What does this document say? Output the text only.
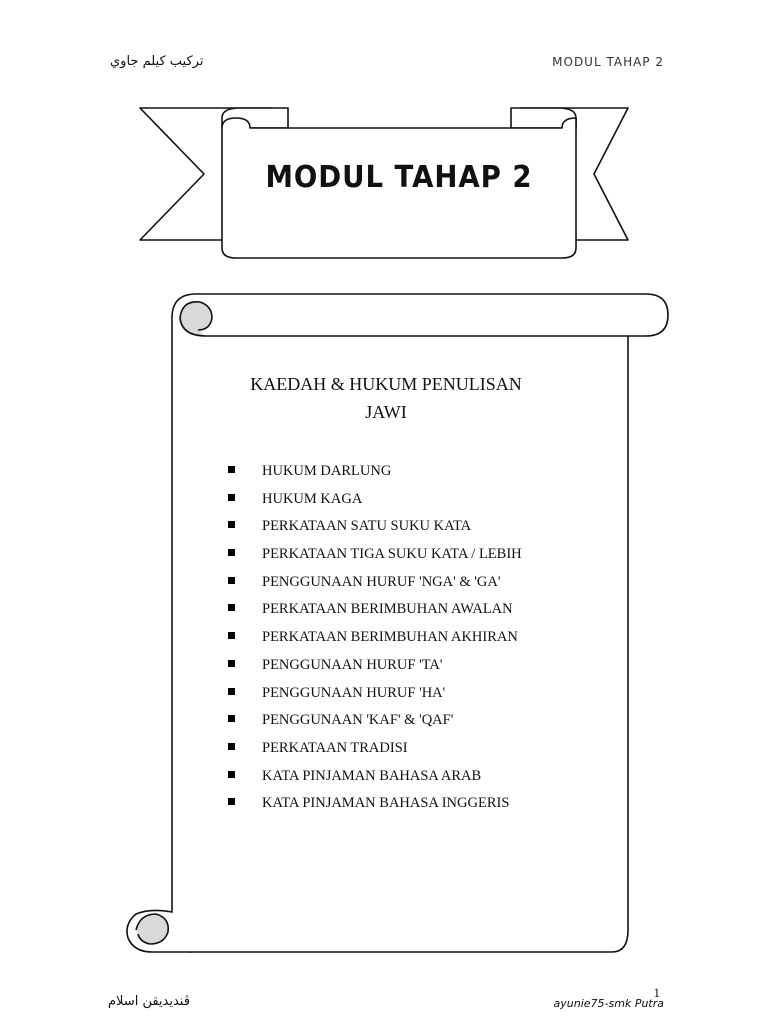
ترکيب كيلم جاوي	MODUL TAHAP 2
MODUL TAHAP 2
KAEDAH & HUKUM PENULISAN
JAWI
HUKUM DARLUNG
HUKUM KAGA
PERKATAAN SATU SUKU KATA
PERKATAAN TIGA SUKU KATA / LEBIH
PENGGUNAAN HURUF 'NGA' & 'GA'
PERKATAAN BERIMBUHAN AWALAN
PERKATAAN BERIMBUHAN AKHIRAN
PENGGUNAAN HURUF 'TA'
PENGGUNAAN HURUF 'HA'
PENGGUNAAN 'KAF' & 'QAF'
PERKATAAN TRADISI
KATA PINJAMAN BAHASA ARAB
KATA PINJAMAN BAHASA INGGERIS
1
ڤنديديقن اسلام	ayunie75-smk Putra
